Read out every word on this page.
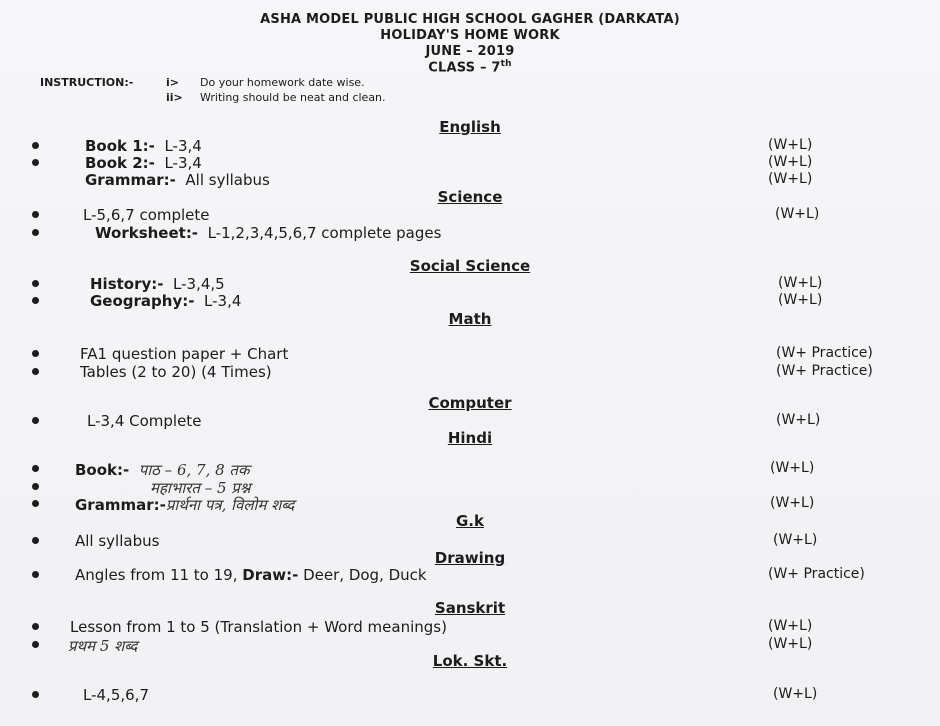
ASHA MODEL PUBLIC HIGH SCHOOL GAGHER (DARKATA)
HOLIDAY'S HOME WORK
JUNE – 2019
CLASS – 7th
INSTRUCTION:-	i>	Do your homework date wise.
ii>	Writing should be neat and clean.
English
Book 1:- L-3,4	(W+L)
Book 2:- L-3,4	(W+L)
Grammar:- All syllabus	(W+L)
Science
L-5,6,7 complete	(W+L)
Worksheet:- L-1,2,3,4,5,6,7 complete pages
Social Science
History:- L-3,4,5	(W+L)
Geography:- L-3,4	(W+L)
Math
FA1 question paper + Chart	(W+ Practice)
Tables (2 to 20) (4 Times)	(W+ Practice)
Computer
L-3,4 Complete	(W+L)
Hindi
Book:- पाठ – 6, 7, 8 तक	(W+L)
महाभारत – 5 प्रश्न
Grammar:-प्रार्थना पत्र, विलोम शब्द	(W+L)
G.k
All syllabus	(W+L)
Drawing
Angles from 11 to 19, Draw:- Deer, Dog, Duck	(W+ Practice)
Sanskrit
Lesson from 1 to 5 (Translation + Word meanings)	(W+L)
प्रथम 5 शब्द	(W+L)
Lok. Skt.
L-4,5,6,7	(W+L)
